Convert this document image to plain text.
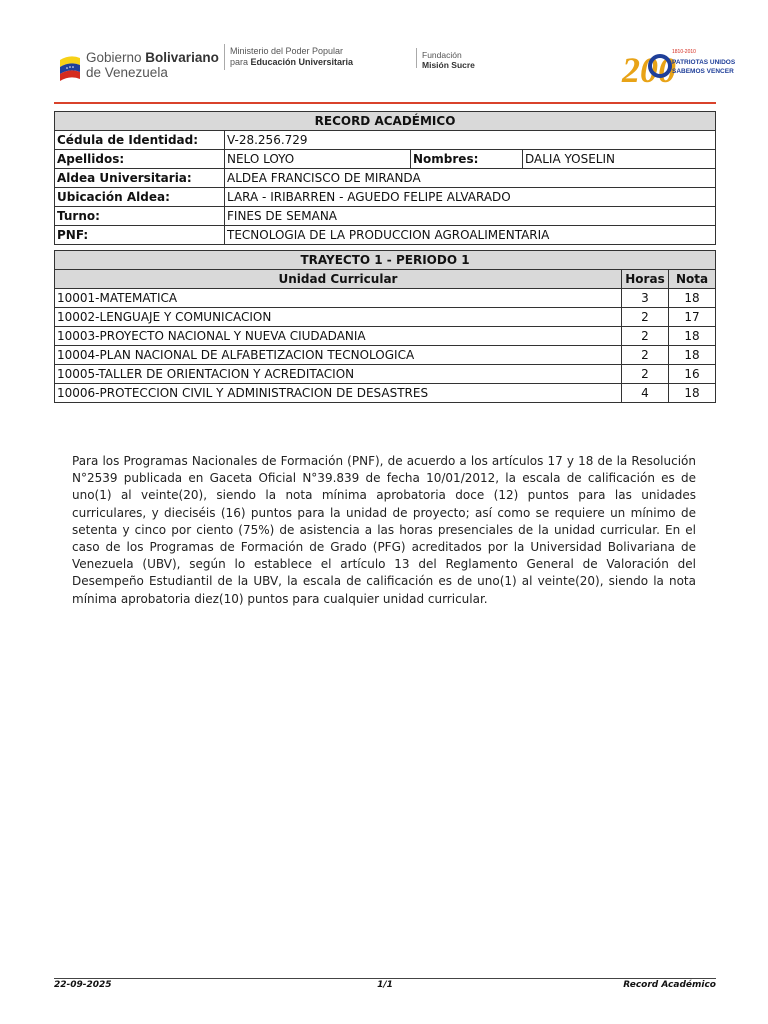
Gobierno Bolivariano
de Venezuela
Ministerio del Poder Popular
para Educación Universitaria
Fundación
Misión Sucre	200
1810-2010
PATRIOTAS UNIDOS
SABEMOS VENCER
RECORD ACADÉMICO			
Cédula de Identidad:	V-28.256.729		
Apellidos:	NELO LOYO	Nombres:	DALIA YOSELIN
Aldea Universitaria:	ALDEA FRANCISCO DE MIRANDA		
Ubicación Aldea:	LARA - IRIBARREN - AGUEDO FELIPE ALVARADO		
Turno:	FINES DE SEMANA		
PNF:	TECNOLOGIA DE LA PRODUCCION AGROALIMENTARIA		
TRAYECTO 1 - PERIODO 1		
Unidad Curricular	Horas	Nota
10001-MATEMATICA	3	18
10002-LENGUAJE Y COMUNICACION	2	17
10003-PROYECTO NACIONAL Y NUEVA CIUDADANIA	2	18
10004-PLAN NACIONAL DE ALFABETIZACION TECNOLOGICA	2	18
10005-TALLER DE ORIENTACION Y ACREDITACION	2	16
10006-PROTECCION CIVIL Y ADMINISTRACION DE DESASTRES	4	18

Para los Programas Nacionales de Formación (PNF), de acuerdo a los artículos 17 y 18 de la Resolución N°2539 publicada en Gaceta Oficial N°39.839 de fecha 10/01/2012, la escala de calificación es de uno(1) al veinte(20), siendo la nota mínima aprobatoria doce (12) puntos para las unidades curriculares, y dieciséis (16) puntos para la unidad de proyecto; así como se requiere un mínimo de setenta y cinco por ciento (75%) de asistencia a las horas presenciales de la unidad curricular. En el caso de los Programas de Formación de Grado (PFG) acreditados por la Universidad Bolivariana de Venezuela (UBV), según lo establece el artículo 13 del Reglamento General de Valoración del Desempeño Estudiantil de la UBV, la escala de calificación es de uno(1) al veinte(20), siendo la nota mínima aprobatoria diez(10) puntos para cualquier unidad curricular.

22-09-2025	1/1	Record Académico
